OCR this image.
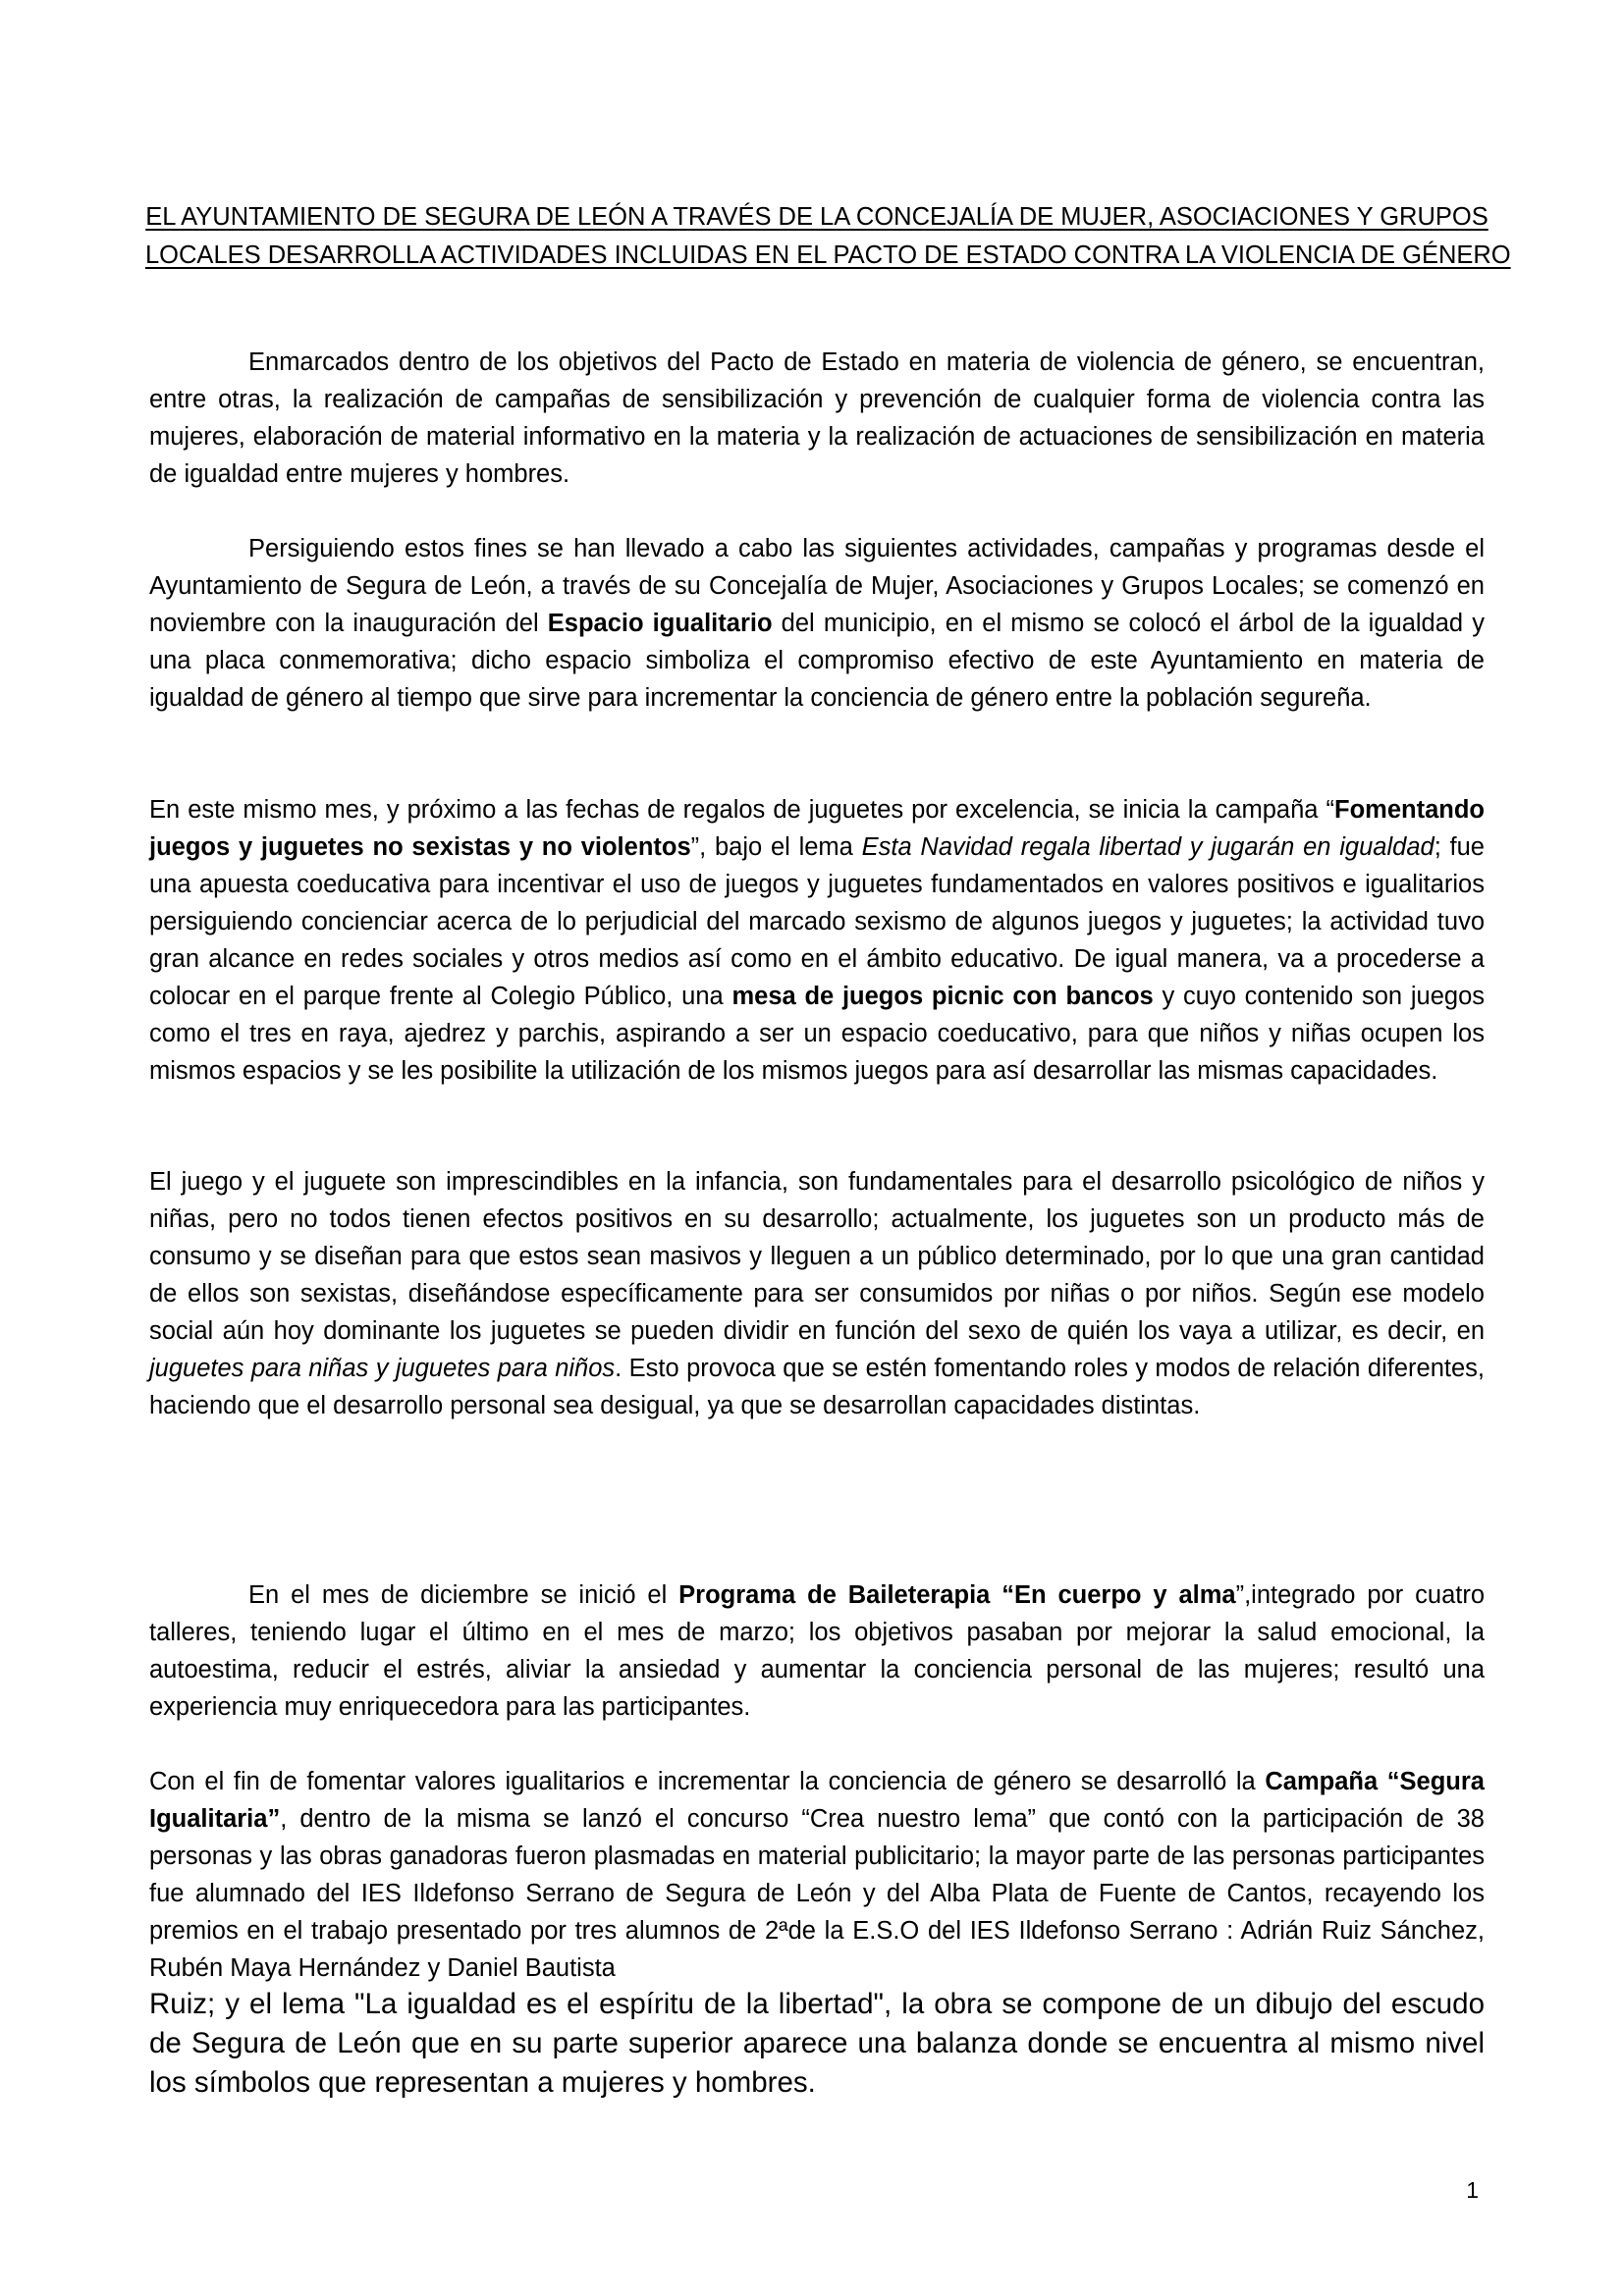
EL AYUNTAMIENTO DE SEGURA DE LEÓN A TRAVÉS DE LA CONCEJALÍA DE MUJER, ASOCIACIONES Y GRUPOS
LOCALES DESARROLLA ACTIVIDADES INCLUIDAS EN EL PACTO DE ESTADO CONTRA LA VIOLENCIA DE GÉNERO

Enmarcados dentro de los objetivos del Pacto de Estado en materia de violencia de género, se encuentran, entre otras, la realización de campañas de sensibilización y prevención de cualquier forma de violencia contra las mujeres, elaboración de material informativo en la materia y la realización de actuaciones de sensibilización en materia de igualdad entre mujeres y hombres.

Persiguiendo estos fines se han llevado a cabo las siguientes actividades, campañas y programas desde el Ayuntamiento de Segura de León, a través de su Concejalía de Mujer, Asociaciones y Grupos Locales; se comenzó en noviembre con la inauguración del Espacio igualitario del municipio, en el mismo se colocó el árbol de la igualdad y una placa conmemorativa; dicho espacio simboliza el compromiso efectivo de este Ayuntamiento en materia de igualdad de género al tiempo que sirve para incrementar la conciencia de género entre la población segureña.

En este mismo mes, y próximo a las fechas de regalos de juguetes por excelencia, se inicia la campaña “Fomentando juegos y juguetes no sexistas y no violentos”, bajo el lema Esta Navidad regala libertad y jugarán en igualdad; fue una apuesta coeducativa para incentivar el uso de juegos y juguetes fundamentados en valores positivos e igualitarios persiguiendo concienciar acerca de lo perjudicial del marcado sexismo de algunos juegos y juguetes; la actividad tuvo gran alcance en redes sociales y otros medios así como en el ámbito educativo. De igual manera, va a procederse a colocar en el parque frente al Colegio Público, una mesa de juegos picnic con bancos y cuyo contenido son juegos como el tres en raya, ajedrez y parchis, aspirando a ser un espacio coeducativo, para que niños y niñas ocupen los mismos espacios y se les posibilite la utilización de los mismos juegos para así desarrollar las mismas capacidades.

El juego y el juguete son imprescindibles en la infancia, son fundamentales para el desarrollo psicológico de niños y niñas, pero no todos tienen efectos positivos en su desarrollo; actualmente, los juguetes son un producto más de consumo y se diseñan para que estos sean masivos y lleguen a un público determinado, por lo que una gran cantidad de ellos son sexistas, diseñándose específicamente para ser consumidos por niñas o por niños. Según ese modelo social aún hoy dominante los juguetes se pueden dividir en función del sexo de quién los vaya a utilizar, es decir, en juguetes para niñas y juguetes para niños. Esto provoca que se estén fomentando roles y modos de relación diferentes, haciendo que el desarrollo personal sea desigual, ya que se desarrollan capacidades distintas.

En el mes de diciembre se inició el Programa de Baileterapia “En cuerpo y alma”,integrado por cuatro talleres, teniendo lugar el último en el mes de marzo; los objetivos pasaban por mejorar la salud emocional, la autoestima, reducir el estrés, aliviar la ansiedad y aumentar la conciencia personal de las mujeres; resultó una experiencia muy enriquecedora para las participantes.

Con el fin de fomentar valores igualitarios e incrementar la conciencia de género se desarrolló la Campaña “Segura Igualitaria”, dentro de la misma se lanzó el concurso “Crea nuestro lema” que contó con la participación de 38 personas y las obras ganadoras fueron plasmadas en material publicitario; la mayor parte de las personas participantes fue alumnado del IES Ildefonso Serrano de Segura de León y del Alba Plata de Fuente de Cantos, recayendo los premios en el trabajo presentado por tres alumnos de 2ªde la E.S.O del IES Ildefonso Serrano : Adrián Ruiz Sánchez, Rubén Maya Hernández y Daniel Bautista

Ruiz; y el lema "La igualdad es el espíritu de la libertad", la obra se compone de un dibujo del escudo de Segura de León que en su parte superior aparece una balanza donde se encuentra al mismo nivel los símbolos que representan a mujeres y hombres.

1
